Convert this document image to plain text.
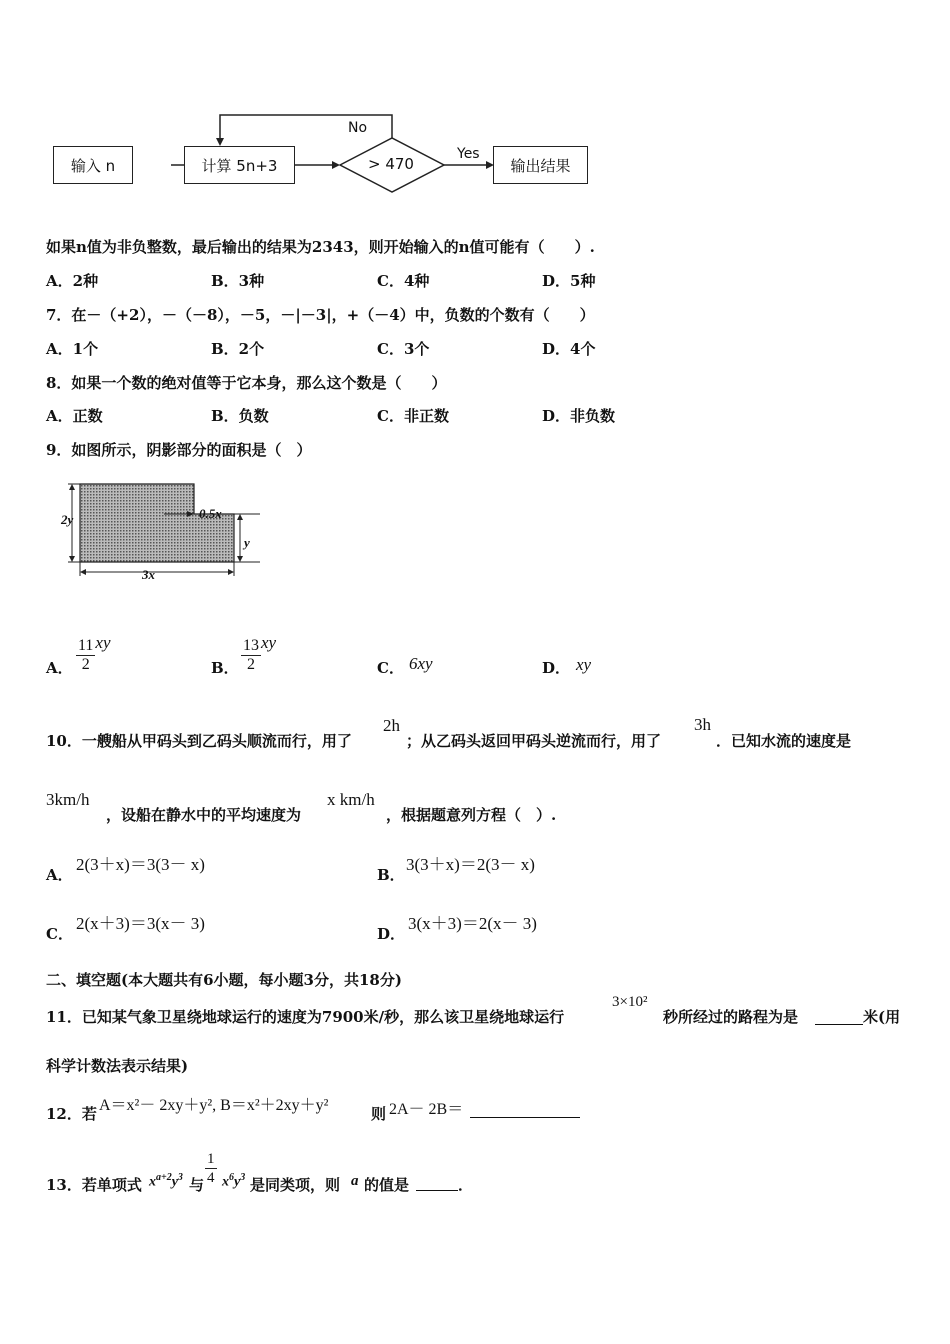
输入 n	计算 5n+3	> 470	输出结果
No
Yes
如果n值为非负整数，最后输出的结果为2343，则开始输入的n值可能有（　　）.
A．2种	B．3种	C．4种	D．5种
7．在－（+2），－（－8），－5，－|－3|，+（－4）中，负数的个数有（　　）
A．1个	B．2个	C．3个	D．4个
8．如果一个数的绝对值等于它本身，那么这个数是（　　）
A．正数	B．负数	C．非正数	D．非负数
9．如图所示，阴影部分的面积是（　）
2y	0.5x
y
3x
A． $\frac{11}{2}$ xy
B． $\frac{13}{2}$ xy
C． 6xy	D． xy
10．一艘船从甲码头到乙码头顺流而行，用了
2h
；从乙码头返回甲码头逆流而行，用了
3h
．已知水流的速度是
3km/h
，设船在静水中的平均速度为
x km/h
，根据题意列方程（　）.
A．
2(3＋x)＝3(3－ x)
B．
3(3＋x)＝2(3－ x)
C．
2(x＋3)＝3(x－ 3)
D．
3(x＋3)＝2(x－ 3)
二、填空题(本大题共有6小题，每小题3分，共18分)
11．已知某气象卫星绕地球运行的速度为7900米/秒，那么该卫星绕地球运行
3×10²
秒所经过的路程为是	米(用
科学计数法表示结果)
12．若 A＝x²－ 2xy＋y², B＝x²＋2xy＋y²	则 2A－ 2B＝
13．若单项式 $x^{a+2}y^3$ 与 $\frac{1}{4} x^6y^3$ 是同类项，则 a 的值是	．
